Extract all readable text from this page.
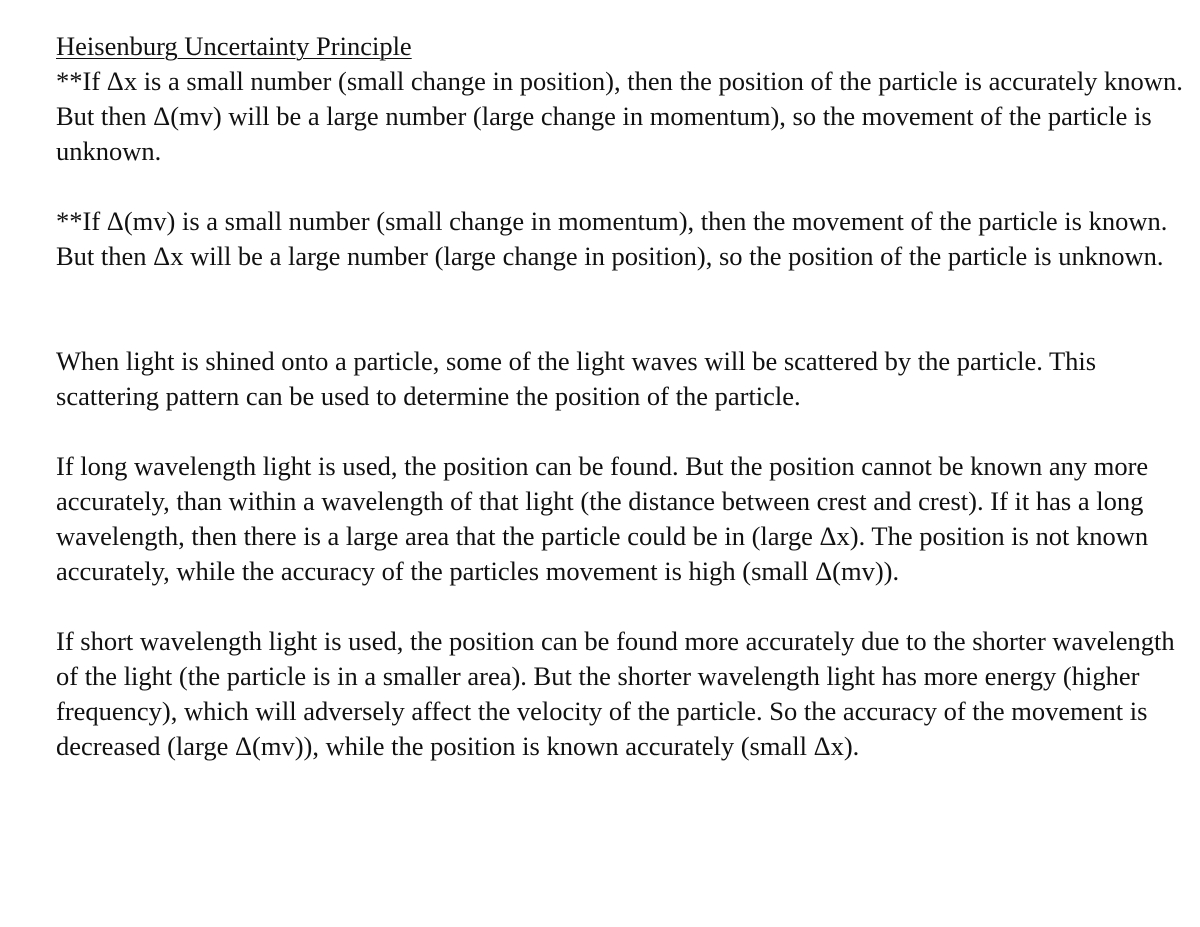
Heisenburg Uncertainty Principle

**If Δx is a small number (small change in position), then the position of the particle is accurately known. But then Δ(mv) will be a large number (large change in momentum), so the movement of the particle is unknown.

**If Δ(mv) is a small number (small change in momentum), then the movement of the particle is known. But then Δx will be a large number (large change in position), so the position of the particle is unknown.

When light is shined onto a particle, some of the light waves will be scattered by the particle. This scattering pattern can be used to determine the position of the particle.

If long wavelength light is used, the position can be found. But the position cannot be known any more accurately, than within a wavelength of that light (the distance between crest and crest). If it has a long wavelength, then there is a large area that the particle could be in (large Δx). The position is not known accurately, while the accuracy of the particles movement is high (small Δ(mv)).

If short wavelength light is used, the position can be found more accurately due to the shorter wavelength of the light (the particle is in a smaller area). But the shorter wavelength light has more energy (higher frequency), which will adversely affect the velocity of the particle. So the accuracy of the movement is decreased (large Δ(mv)), while the position is known accurately (small Δx).
